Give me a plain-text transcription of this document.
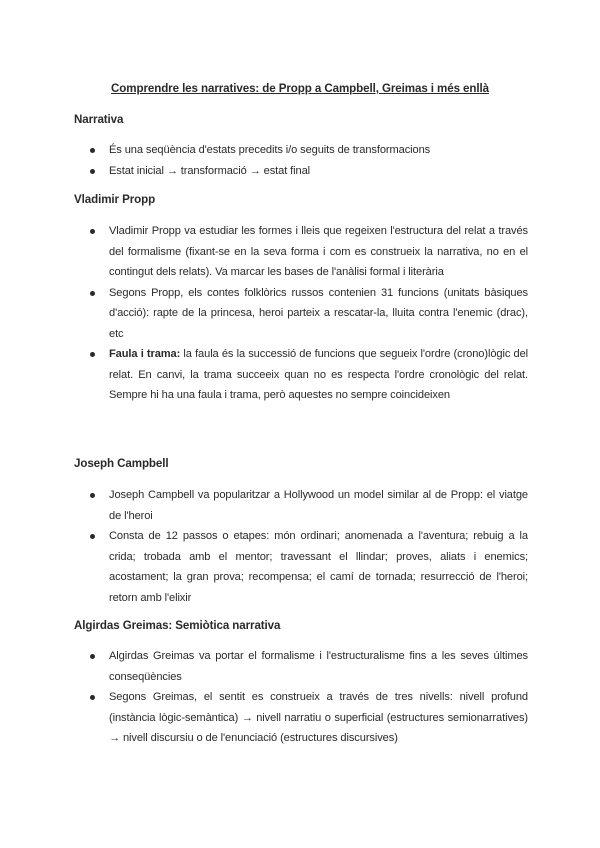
Comprendre les narratives: de Propp a Campbell, Greimas i més enllà
Narrativa
És una seqüència d'estats precedits i/o seguits de transformacions
Estat inicial → transformació → estat final
Vladimir Propp
Vladimir Propp va estudiar les formes i lleis que regeixen l'estructura del relat a través del formalisme (fixant-se en la seva forma i com es construeix la narrativa, no en el contingut dels relats). Va marcar les bases de l'anàlisi formal i literària
Segons Propp, els contes folklòrics russos contenien 31 funcions (unitats bàsiques d'acció): rapte de la princesa, heroi parteix a rescatar-la, lluita contra l'enemic (drac), etc
Faula i trama: la faula és la successió de funcions que segueix l'ordre (crono)lògic del relat. En canvi, la trama succeeix quan no es respecta l'ordre cronològic del relat. Sempre hi ha una faula i trama, però aquestes no sempre coincideixen
Joseph Campbell
Joseph Campbell va popularitzar a Hollywood un model similar al de Propp: el viatge de l'heroi
Consta de 12 passos o etapes: món ordinari; anomenada a l'aventura; rebuig a la crida; trobada amb el mentor; travessant el llindar; proves, aliats i enemics; acostament; la gran prova; recompensa; el camí de tornada; resurrecció de l'heroi; retorn amb l'elixir
Algirdas Greimas: Semiòtica narrativa
Algirdas Greimas va portar el formalisme i l'estructuralisme fins a les seves últimes conseqüències
Segons Greimas, el sentit es construeix a través de tres nivells: nivell profund (instància lògic-semàntica) → nivell narratiu o superficial (estructures semionarratives) → nivell discursiu o de l'enunciació (estructures discursives)
